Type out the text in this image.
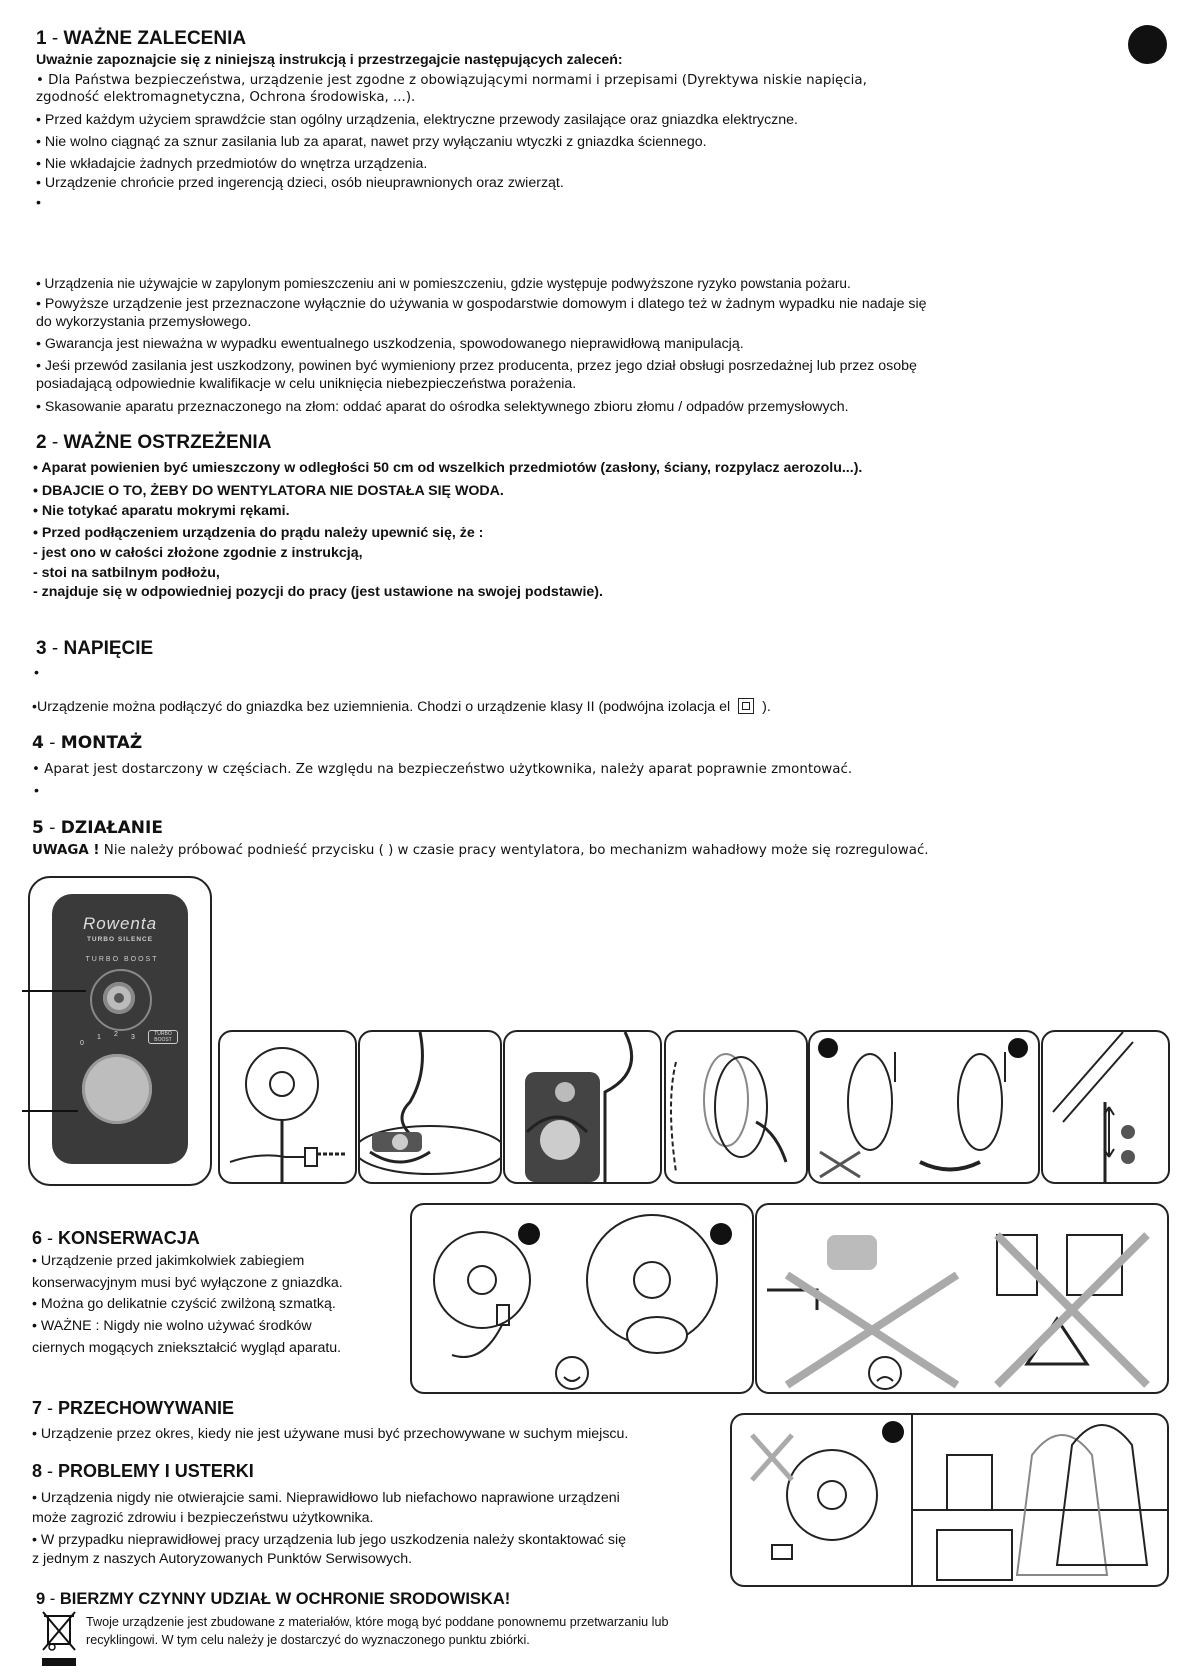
1 - WAŻNE ZALECENIA
Uważnie zapoznajcie się z niniejszą instrukcją i przestrzegajcie następujących zaleceń:
• Dla Państwa bezpieczeństwa, urządzenie jest zgodne z obowiązującymi normami i przepisami (Dyrektywa niskie napięcia,
zgodność elektromagnetyczna, Ochrona środowiska, ...).
• Przed każdym użyciem sprawdźcie stan ogólny urządzenia, elektryczne przewody zasilające oraz gniazdka elektryczne.
• Nie wolno ciągnąć za sznur zasilania lub za aparat, nawet przy wyłączaniu wtyczki z gniazdka ściennego.
• Nie wkładajcie żadnych przedmiotów do wnętrza urządzenia.
• Urządzenie chrońcie przed ingerencją dzieci, osób nieuprawnionych oraz zwierząt.
•
• Urządzenia nie używajcie w zapylonym pomieszczeniu ani w pomieszczeniu, gdzie występuje podwyższone ryzyko powstania pożaru.
• Powyższe urządzenie jest przeznaczone wyłącznie do używania w gospodarstwie domowym i dlatego też w żadnym wypadku nie nadaje się
do wykorzystania przemysłowego.
• Gwarancja jest nieważna w wypadku ewentualnego uszkodzenia, spowodowanego nieprawidłową manipulacją.
• Jeśi przewód zasilania jest uszkodzony, powinen być wymieniony przez producenta, przez jego dział obsługi posrzedażnej lub przez osobę
posiadającą odpowiednie kwalifikacje w celu uniknięcia niebezpieczeństwa porażenia.
• Skasowanie aparatu przeznaczonego na złom: oddać aparat do ośrodka selektywnego zbioru złomu / odpadów przemysłowych.
2 - WAŻNE OSTRZEŻENIA
• Aparat powienien być umieszczony w odległości 50 cm od wszelkich przedmiotów (zasłony, ściany, rozpylacz aerozolu...).
• DBAJCIE O TO, ŻEBY DO WENTYLATORA NIE DOSTAŁA SIĘ WODA.
• Nie totykać aparatu mokrymi rękami.
• Przed podłączeniem urządzenia do prądu należy upewnić się, że :
- jest ono w całości złożone zgodnie z instrukcją,
- stoi na satbilnym podłożu,
- znajduje się w odpowiedniej pozycji do pracy (jest ustawione na swojej podstawie).
3 - NAPIĘCIE
•
•Urządzenie można podłączyć do gniazdka bez uziemnienia. Chodzi o urządzenie klasy II (podwójna izolacja el ).
4 - MONTAŻ
• Aparat jest dostarczony w częściach. Ze względu na bezpieczeństwo użytkownika, należy aparat poprawnie zmontować.
•
5 - DZIAŁANIE
UWAGA ! Nie należy próbować podnieść przycisku ( ) w czasie pracy wentylatora, bo mechanizm wahadłowy może się rozregulować.
Rowenta
TURBO SILENCE
TURBO BOOST
0
1 2 3	TURBO BOOST
6 - KONSERWACJA
• Urządzenie przed jakimkolwiek zabiegiem
konserwacyjnym musi być wyłączone z gniazdka.
• Można go delikatnie czyścić zwilżoną szmatką.
• WAŻNE : Nigdy nie wolno używać środków
ciernych mogących zniekształcić wygląd aparatu.
7 - PRZECHOWYWANIE
• Urządzenie przez okres, kiedy nie jest używane musi być przechowywane w suchym miejscu.
8 - PROBLEMY I USTERKI
• Urządzenia nigdy nie otwierajcie sami. Nieprawidłowo lub niefachowo naprawione urządzeni
może zagrozić zdrowiu i bezpieczeństwu użytkownika.
• W przypadku nieprawidłowej pracy urządzenia lub jego uszkodzenia należy skontaktować się
z jednym z naszych Autoryzowanych Punktów Serwisowych.
9 - BIERZMY CZYNNY UDZIAŁ W OCHRONIE SRODOWISKA!
Twoje urządzenie jest zbudowane z materiałów, które mogą być poddane ponownemu przetwarzaniu lub
recyklingowi. W tym celu należy je dostarczyć do wyznaczonego punktu zbiórki.
